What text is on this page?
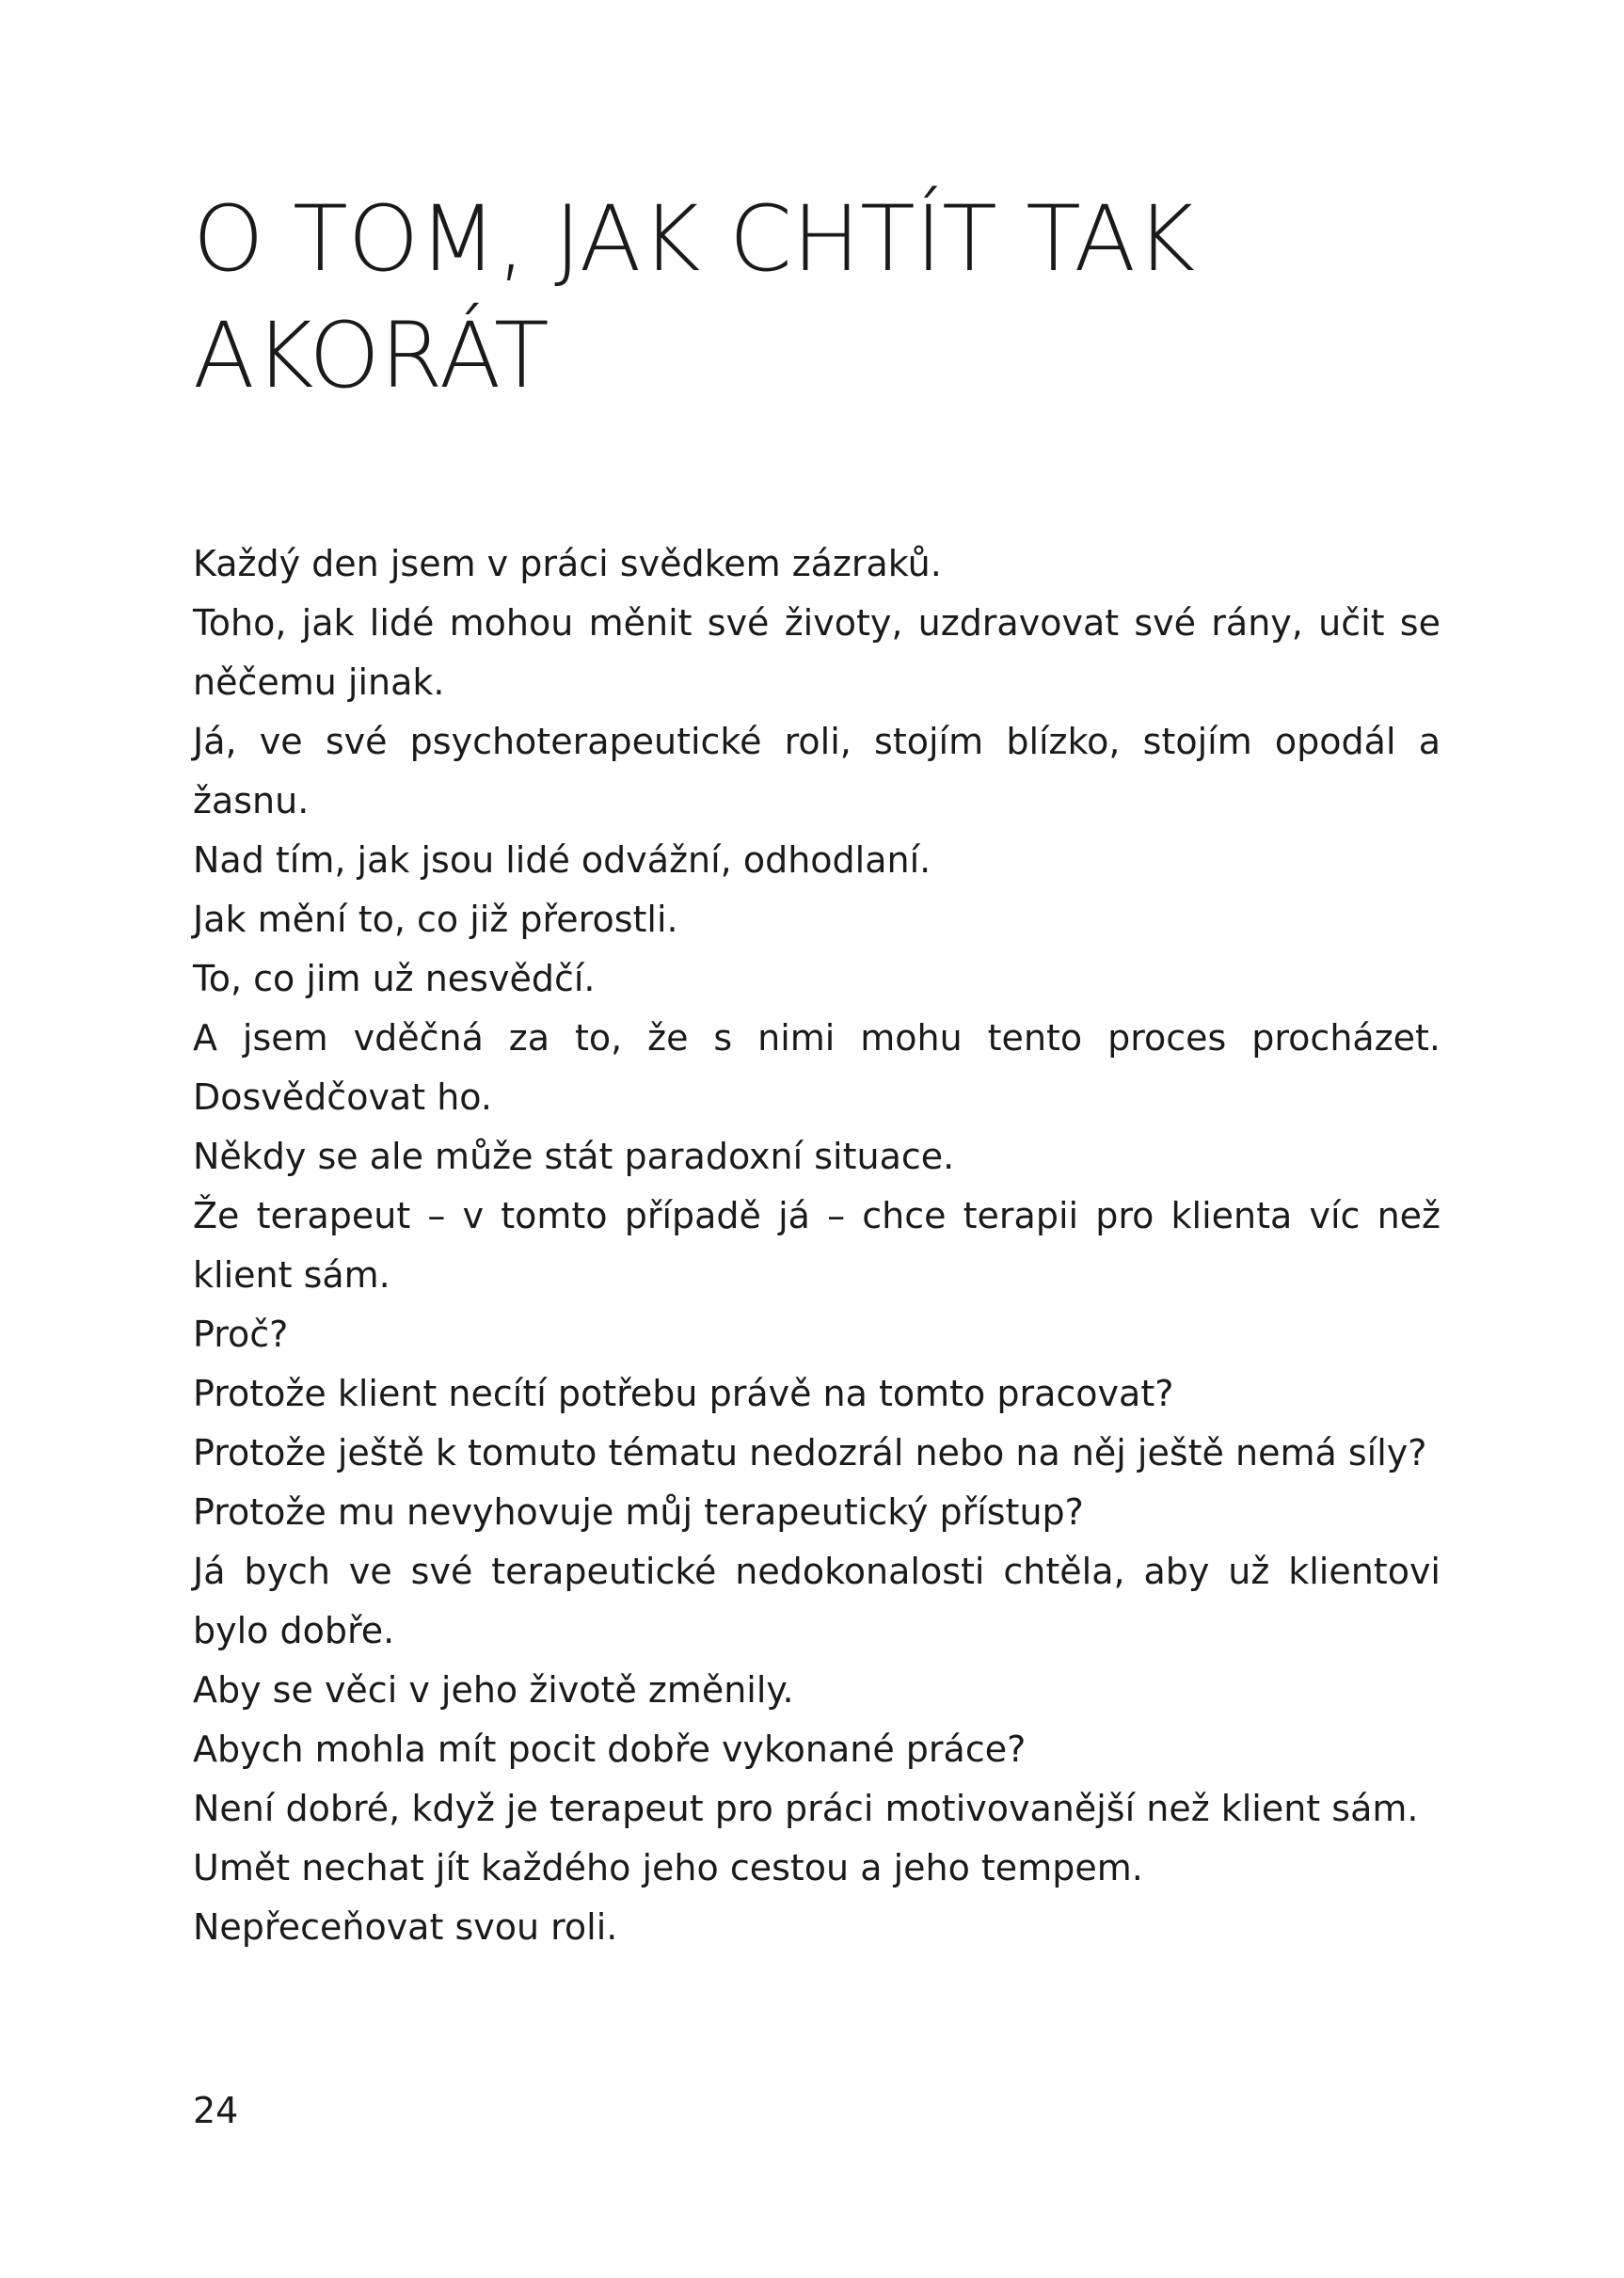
O TOM, JAK CHTÍT TAK AKORÁT

Každý den jsem v práci svědkem zázraků.

Toho, jak lidé mohou měnit své životy, uzdravovat své rány, učit se něčemu jinak.

Já, ve své psychoterapeutické roli, stojím blízko, stojím opodál a žasnu.

Nad tím, jak jsou lidé odvážní, odhodlaní.

Jak mění to, co již přerostli.

To, co jim už nesvědčí.

A jsem vděčná za to, že s nimi mohu tento proces procházet. Dosvědčovat ho.

Někdy se ale může stát paradoxní situace.

Že terapeut – v tomto případě já – chce terapii pro klienta víc než klient sám.

Proč?

Protože klient necítí potřebu právě na tomto pracovat?

Protože ještě k tomuto tématu nedozrál nebo na něj ještě nemá síly?

Protože mu nevyhovuje můj terapeutický přístup?

Já bych ve své terapeutické nedokonalosti chtěla, aby už klientovi bylo dobře.

Aby se věci v jeho životě změnily.

Abych mohla mít pocit dobře vykonané práce?

Není dobré, když je terapeut pro práci motivovanější než klient sám.

Umět nechat jít každého jeho cestou a jeho tempem.

Nepřeceňovat svou roli.

24
